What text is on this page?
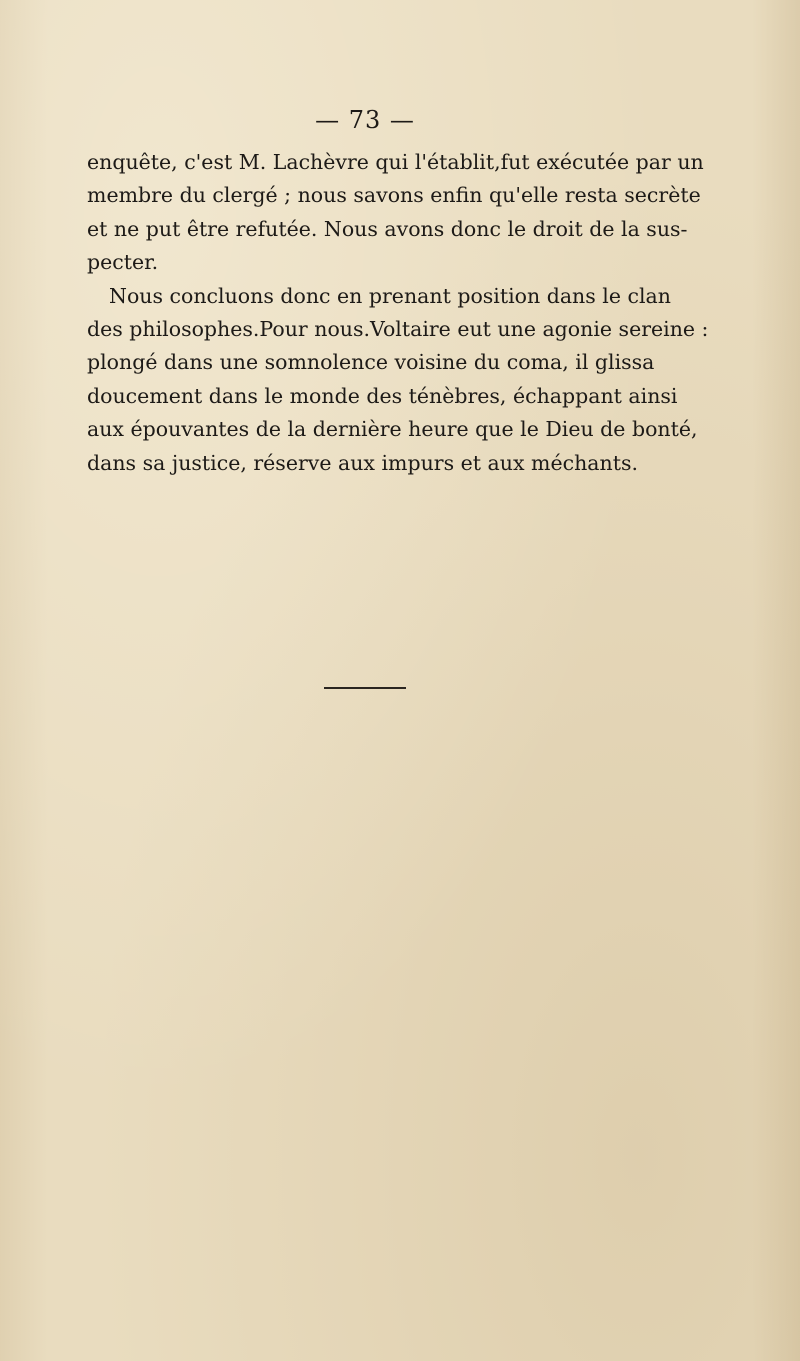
— 73 —

enquête, c'est M. Lachèvre qui l'établit,fut exécutée par un
membre du clergé ; nous savons enfin qu'elle resta secrète
et ne put être refutée. Nous avons donc le droit de la sus-
pecter.

Nous concluons donc en prenant position dans le clan
des philosophes.Pour nous.Voltaire eut une agonie sereine :
plongé dans une somnolence voisine du coma, il glissa
doucement dans le monde des ténèbres, échappant ainsi
aux épouvantes de la dernière heure que le Dieu de bonté,
dans sa justice, réserve aux impurs et aux méchants.
